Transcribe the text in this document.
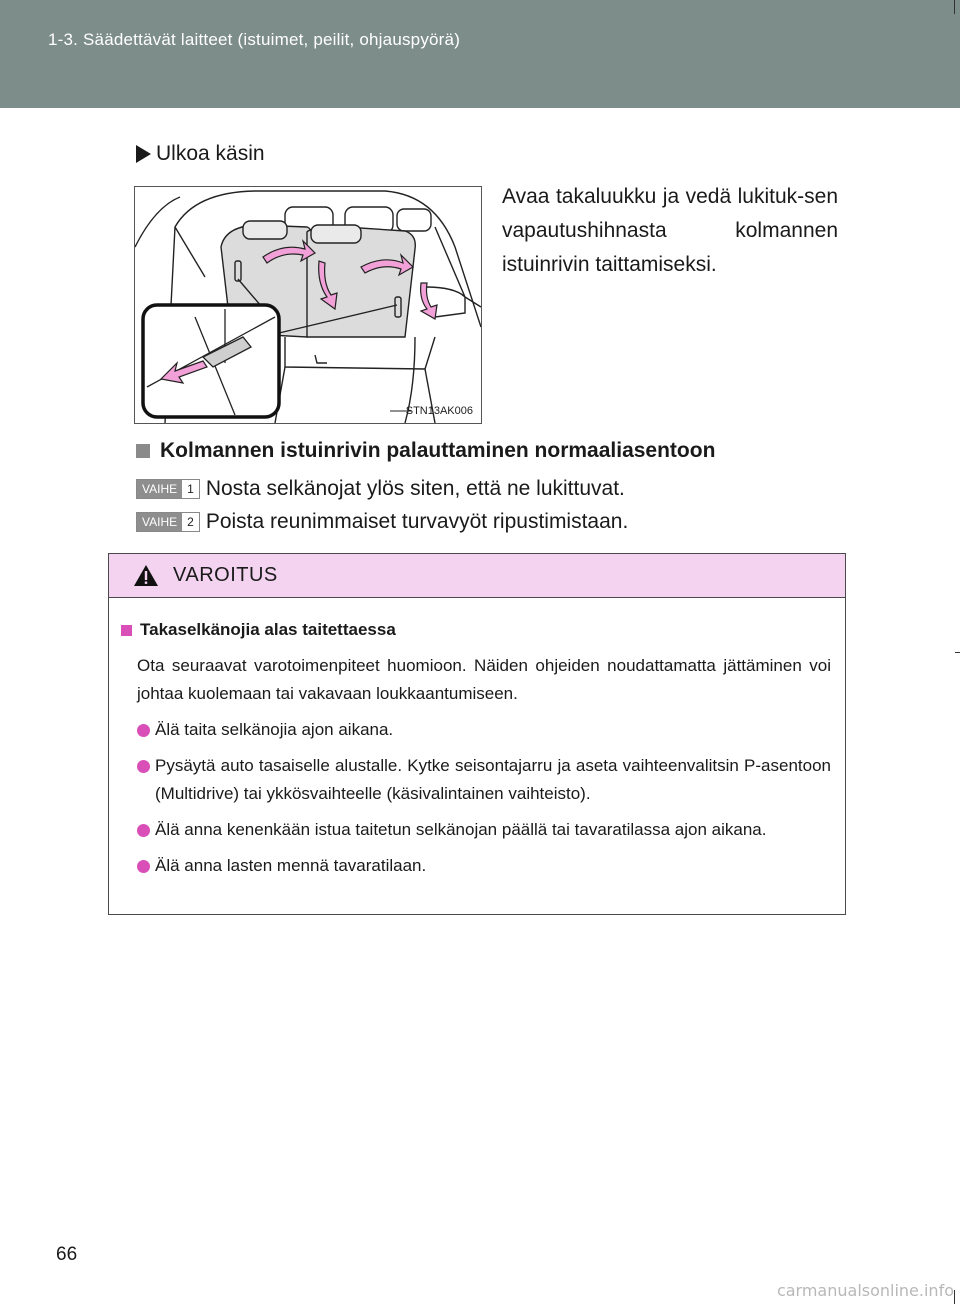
1-3. Säädettävät laitteet (istuimet, peilit, ohjauspyörä)
Ulkoa käsin
STN13AK006
Avaa takaluukku ja vedä lukituk-sen vapautushihnasta kolmannen istuinrivin taittamiseksi.
Kolmannen istuinrivin palauttaminen normaaliasentoon
VAIHE 1 Nosta selkänojat ylös siten, että ne lukittuvat.
VAIHE 2 Poista reunimmaiset turvavyöt ripustimistaan.
VAROITUS
Takaselkänojia alas taitettaessa
Ota seuraavat varotoimenpiteet huomioon. Näiden ohjeiden noudattamatta jättäminen voi johtaa kuolemaan tai vakavaan loukkaantumiseen.
Älä taita selkänojia ajon aikana.
Pysäytä auto tasaiselle alustalle. Kytke seisontajarru ja aseta vaihteenvalitsin P-asentoon (Multidrive) tai ykkösvaihteelle (käsivalintainen vaihteisto).
Älä anna kenenkään istua taitetun selkänojan päällä tai tavaratilassa ajon aikana.
Älä anna lasten mennä tavaratilaan.
66
carmanualsonline.info
